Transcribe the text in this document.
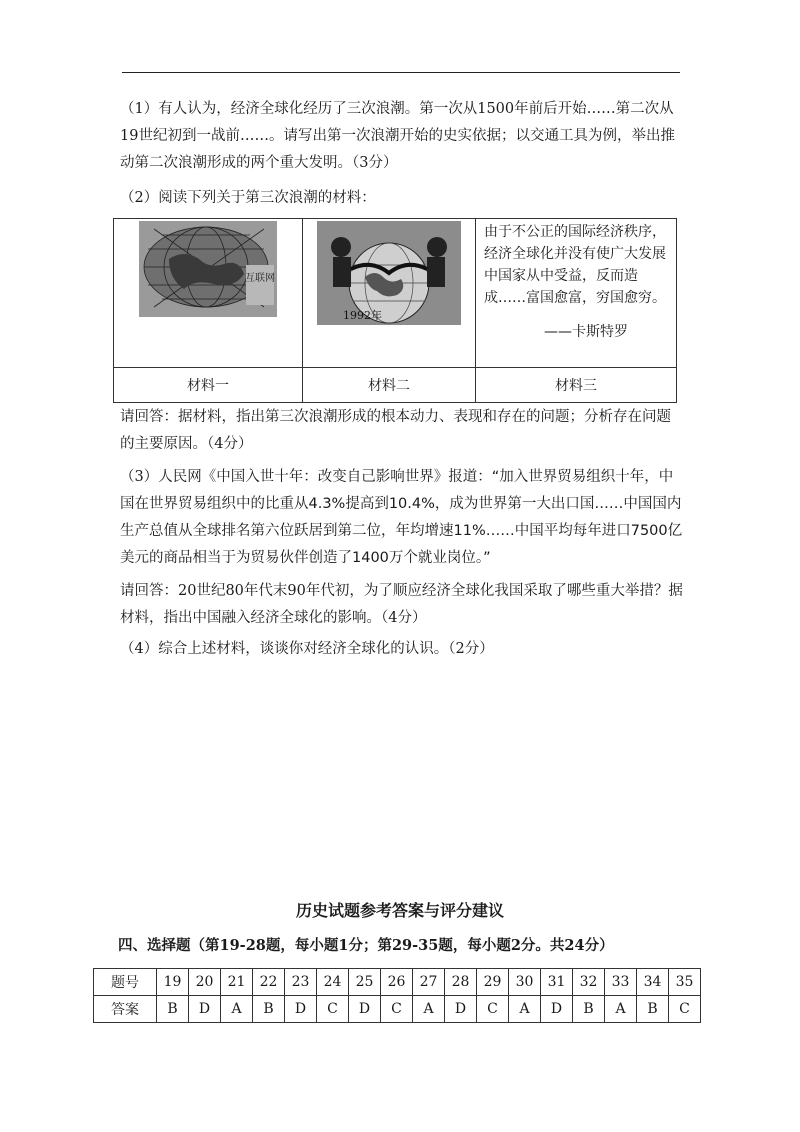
（1）有人认为，经济全球化经历了三次浪潮。第一次从1500年前后开始……第二次从19世纪初到一战前……。请写出第一次浪潮开始的史实依据；以交通工具为例，举出推动第二次浪潮形成的两个重大发明。（3分）

（2）阅读下列关于第三次浪潮的材料：

互联网	1992年	由于不公正的国际经济秩序，经济全球化并没有使广大发展中国家从中受益，反而造成……富国愈富，穷国愈穷。
——卡斯特罗

材料一	材料二	材料三

请回答：据材料，指出第三次浪潮形成的根本动力、表现和存在的问题；分析存在问题的主要原因。（4分）

（3）人民网《中国入世十年：改变自己影响世界》报道：“加入世界贸易组织十年，中国在世界贸易组织中的比重从4.3%提高到10.4%，成为世界第一大出口国……中国国内生产总值从全球排名第六位跃居到第二位，年均增速11%……中国平均每年进口7500亿美元的商品相当于为贸易伙伴创造了1400万个就业岗位。”

请回答：20世纪80年代末90年代初，为了顺应经济全球化我国采取了哪些重大举措？据材料，指出中国融入经济全球化的影响。（4分）

（4）综合上述材料，谈谈你对经济全球化的认识。（2分）

历史试题参考答案与评分建议
四、选择题（第19-28题，每小题1分；第29-35题，每小题2分。共24分）
题号	19	20	21	22	23	24	25	26	27	28	29	30	31	32	33	34	35
答案	B	D	A	B	D	C	D	C	A	D	C	A	D	B	A	B	C
